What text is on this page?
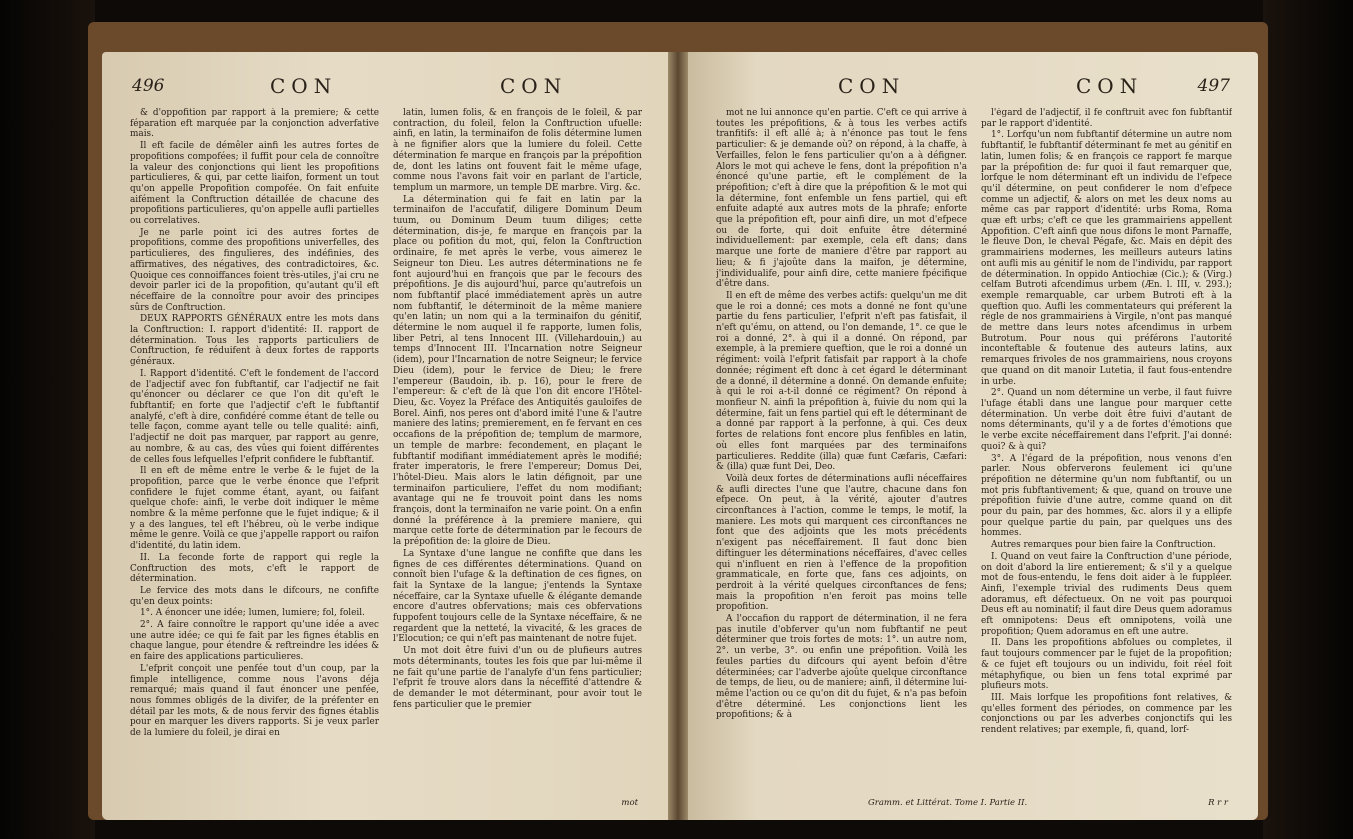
496	CON	CON

& d'oppofition par rapport à la premiere; & cette féparation eft marquée par la conjonction adverfative mais.

Il eft facile de démêler ainfi les autres fortes de propofitions compofées; il fuffit pour cela de connoître la valeur des conjonctions qui lient les propofitions particulieres, & qui, par cette liaifon, forment un tout qu'on appelle Propofition compofée. On fait enfuite aifément la Conftruction détaillée de chacune des propofitions particulieres, qu'on appelle aufli partielles ou correlatives.

Je ne parle point ici des autres fortes de propofitions, comme des propofitions univerfelles, des particulieres, des fingulieres, des indéfinies, des affirmatives, des négatives, des contradictoires, &c. Quoique ces connoiffances foient très-utiles, j'ai cru ne devoir parler ici de la propofition, qu'autant qu'il eft néceffaire de la connoître pour avoir des principes sûrs de Conftruction.

DEUX RAPPORTS GÉNÉRAUX entre les mots dans la Conftruction: I. rapport d'identité: II. rapport de détermination. Tous les rapports particuliers de Conftruction, fe réduifent à deux fortes de rapports généraux.

I. Rapport d'identité. C'eft le fondement de l'accord de l'adjectif avec fon fubftantif, car l'adjectif ne fait qu'énoncer ou déclarer ce que l'on dit qu'eft le fubftantif; en forte que l'adjectif c'eft le fubftantif analyfé, c'eft à dire, confidéré comme étant de telle ou telle façon, comme ayant telle ou telle qualité: ainfi, l'adjectif ne doit pas marquer, par rapport au genre, au nombre, & au cas, des vûes qui foient différentes de celles fous lefquelles l'efprit confidere le fubftantif.

Il en eft de même entre le verbe & le fujet de la propofition, parce que le verbe énonce que l'efprit confidere le fujet comme étant, ayant, ou faifant quelque chofe: ainfi, le verbe doit indiquer le même nombre & la même perfonne que le fujet indique; & il y a des langues, tel eft l'hébreu, où le verbe indique même le genre. Voilà ce que j'appelle rapport ou raifon d'identité, du latin idem.

II. La feconde forte de rapport qui regle la Conftruction des mots, c'eft le rapport de détermination.

Le fervice des mots dans le difcours, ne confifte qu'en deux points:

1°. A énoncer une idée; lumen, lumiere; fol, foleil.

2°. A faire connoître le rapport qu'une idée a avec une autre idée; ce qui fe fait par les fignes établis en chaque langue, pour étendre & reftreindre les idées & en faire des applications particulieres.

L'efprit conçoit une penfée tout d'un coup, par la fimple intelligence, comme nous l'avons déja remarqué; mais quand il faut énoncer une penfée, nous fommes obligés de la divifer, de la préfenter en détail par les mots, & de nous fervir des fignes établis pour en marquer les divers rapports. Si je veux parler de la lumiere du foleil, je dirai en

latin, lumen folis, & en françois de le foleil, & par contraction, du foleil, felon la Conftruction ufuelle: ainfi, en latin, la terminaifon de folis détermine lumen à ne fignifier alors que la lumiere du foleil. Cette détermination fe marque en françois par la prépofition de, dont les latins ont fouvent fait le même ufage, comme nous l'avons fait voir en parlant de l'article, templum un marmore, un temple DE marbre. Virg. &c.

La détermination qui fe fait en latin par la terminaifon de l'accufatif, diligere Dominum Deum tuum, ou Dominum Deum tuum diliges; cette détermination, dis-je, fe marque en françois par la place ou pofition du mot, qui, felon la Conftruction ordinaire, fe met après le verbe, vous aimerez le Seigneur ton Dieu. Les autres déterminations ne fe font aujourd'hui en françois que par le fecours des prépofitions. Je dis aujourd'hui, parce qu'autrefois un nom fubftantif placé immédiatement après un autre nom fubftantif, le déterminoit de la même maniere qu'en latin; un nom qui a la terminaifon du génitif, détermine le nom auquel il fe rapporte, lumen folis, liber Petri, al tens Innocent III. (Villehardouin,) au temps d'Innocent III. l'Incarnation notre Seigneur (idem), pour l'Incarnation de notre Seigneur; le fervice Dieu (idem), pour le fervice de Dieu; le frere l'empereur (Baudoin, ib. p. 16), pour le frere de l'empereur: & c'eft de là que l'on dit encore l'Hôtel-Dieu, &c. Voyez la Préface des Antiquités gauloifes de Borel. Ainfi, nos peres ont d'abord imité l'une & l'autre maniere des latins; premierement, en fe fervant en ces occafions de la prépofition de; templum de marmore, un temple de marbre: fecondement, en plaçant le fubftantif modifiant immédiatement après le modifié; frater imperatoris, le frere l'empereur; Domus Dei, l'hôtel-Dieu. Mais alors le latin défignoit, par une terminaifon particuliere, l'effet du nom modifiant; avantage qui ne fe trouvoit point dans les noms françois, dont la terminaifon ne varie point. On a enfin donné la préférence à la premiere maniere, qui marque cette forte de détermination par le fecours de la prépofition de: la gloire de Dieu.

La Syntaxe d'une langue ne confifte que dans les fignes de ces différentes déterminations. Quand on connoît bien l'ufage & la deftination de ces fignes, on fait la Syntaxe de la langue; j'entends la Syntaxe néceffaire, car la Syntaxe ufuelle & élégante demande encore d'autres obfervations; mais ces obfervations fuppofent toujours celle de la Syntaxe néceffaire, & ne regardent que la netteté, la vivacité, & les graces de l'Elocution; ce qui n'eft pas maintenant de notre fujet.

Un mot doit être fuivi d'un ou de plufieurs autres mots déterminants, toutes les fois que par lui-même il ne fait qu'une partie de l'analyfe d'un fens particulier; l'efprit fe trouve alors dans la néceffité d'attendre & de demander le mot déterminant, pour avoir tout le fens particulier que le premier

mot
CON	CON	497

mot ne lui annonce qu'en partie. C'eft ce qui arrive à toutes les prépofitions, & à tous les verbes actifs tranfitifs: il eft allé à; à n'énonce pas tout le fens particulier: & je demande où? on répond, à la chaffe, à Verfailles, felon le fens particulier qu'on a à défigner. Alors le mot qui acheve le fens, dont la prépofition n'a énoncé qu'une partie, eft le complément de la prépofition; c'eft à dire que la prépofition & le mot qui la détermine, font enfemble un fens partiel, qui eft enfuite adapté aux autres mots de la phrafe; enforte que la prépofition eft, pour ainfi dire, un mot d'efpece ou de forte, qui doit enfuite être déterminé individuellement: par exemple, cela eft dans; dans marque une forte de maniere d'être par rapport au lieu; & fi j'ajoûte dans la maifon, je détermine, j'individualife, pour ainfi dire, cette maniere fpécifique d'être dans.

Il en eft de même des verbes actifs: quelqu'un me dit que le roi a donné; ces mots a donné ne font qu'une partie du fens particulier, l'efprit n'eft pas fatisfait, il n'eft qu'ému, on attend, ou l'on demande, 1°. ce que le roi a donné, 2°. à qui il a donné. On répond, par exemple, à la premiere queftion, que le roi a donné un régiment: voilà l'efprit fatisfait par rapport à la chofe donnée; régiment eft donc à cet égard le déterminant de a donné, il détermine a donné. On demande enfuite; à qui le roi a-t-il donné ce régiment? On répond à monfieur N. ainfi la prépofition à, fuivie du nom qui la détermine, fait un fens partiel qui eft le déterminant de a donné par rapport à la perfonne, à qui. Ces deux fortes de relations font encore plus fenfibles en latin, où elles font marquées par des terminaifons particulieres. Reddite (illa) quæ funt Cæfaris, Cæfari: & (illa) quæ funt Dei, Deo.

Voilà deux fortes de déterminations aufli néceffaires & aufli directes l'une que l'autre, chacune dans fon efpece. On peut, à la vérité, ajouter d'autres circonftances à l'action, comme le temps, le motif, la maniere. Les mots qui marquent ces circonftances ne font que des adjoints que les mots précédents n'exigent pas néceffairement. Il faut donc bien diftinguer les déterminations néceffaires, d'avec celles qui n'influent en rien à l'effence de la propofition grammaticale, en forte que, fans ces adjoints, on perdroit à la vérité quelques circonftances de fens; mais la propofition n'en feroit pas moins telle propofition.

A l'occafion du rapport de détermination, il ne fera pas inutile d'obferver qu'un nom fubftantif ne peut déterminer que trois fortes de mots: 1°. un autre nom, 2°. un verbe, 3°. ou enfin une prépofition. Voilà les feules parties du difcours qui ayent befoin d'être déterminées; car l'adverbe ajoûte quelque circonftance de temps, de lieu, ou de maniere; ainfi, il détermine lui-même l'action ou ce qu'on dit du fujet, & n'a pas befoin d'être déterminé. Les conjonctions lient les propofitions; & à

l'égard de l'adjectif, il fe conftruit avec fon fubftantif par le rapport d'identité.

1°. Lorfqu'un nom fubftantif détermine un autre nom fubftantif, le fubftantif déterminant fe met au génitif en latin, lumen folis; & en françois ce rapport fe marque par la prépofition de: fur quoi il faut remarquer que, lorfque le nom déterminant eft un individu de l'efpece qu'il détermine, on peut confiderer le nom d'efpece comme un adjectif, & alors on met les deux noms au même cas par rapport d'identité: urbs Roma, Roma quæ eft urbs; c'eft ce que les grammairiens appellent Appofition. C'eft ainfi que nous difons le mont Parnaffe, le fleuve Don, le cheval Pégafe, &c. Mais en dépit des grammairiens modernes, les meilleurs auteurs latins ont aufli mis au génitif le nom de l'individu, par rapport de détermination. In oppido Antiochiæ (Cic.); & (Virg.) celfam Butroti afcendimus urbem (Æn. l. III, v. 293.); exemple remarquable, car urbem Butroti eft à la queftion quo. Aufli les commentateurs qui préferent la régle de nos grammairiens à Virgile, n'ont pas manqué de mettre dans leurs notes afcendimus in urbem Butrotum. Pour nous qui préférons l'autorité inconteftable & foutenue des auteurs latins, aux remarques frivoles de nos grammairiens, nous croyons que quand on dit manoir Lutetia, il faut fous-entendre in urbe.

2°. Quand un nom détermine un verbe, il faut fuivre l'ufage établi dans une langue pour marquer cette détermination. Un verbe doit être fuivi d'autant de noms déterminants, qu'il y a de fortes d'émotions que le verbe excite néceffairement dans l'efprit. J'ai donné: quoi? & à qui?

3°. A l'égard de la prépofition, nous venons d'en parler. Nous obferverons feulement ici qu'une prépofition ne détermine qu'un nom fubftantif, ou un mot pris fubftantivement; & que, quand on trouve une prépofition fuivie d'une autre, comme quand on dit pour du pain, par des hommes, &c. alors il y a ellipfe pour quelque partie du pain, par quelques uns des hommes.

Autres remarques pour bien faire la Conftruction.

I. Quand on veut faire la Conftruction d'une période, on doit d'abord la lire entierement; & s'il y a quelque mot de fous-entendu, le fens doit aider à le fuppléer. Ainfi, l'exemple trivial des rudiments Deus quem adoramus, eft défectueux. On ne voit pas pourquoi Deus eft au nominatif; il faut dire Deus quem adoramus eft omnipotens: Deus eft omnipotens, voilà une propofition; Quem adoramus en eft une autre.

II. Dans les propofitions abfolues ou completes, il faut toujours commencer par le fujet de la propofition; & ce fujet eft toujours ou un individu, foit réel foit métaphyfique, ou bien un fens total exprimé par plufieurs mots.

III. Mais lorfque les propofitions font relatives, & qu'elles forment des périodes, on commence par les conjonctions ou par les adverbes conjonctifs qui les rendent relatives; par exemple, fi, quand, lorf-

Gramm. et Littérat. Tome I. Partie II.	R r r
